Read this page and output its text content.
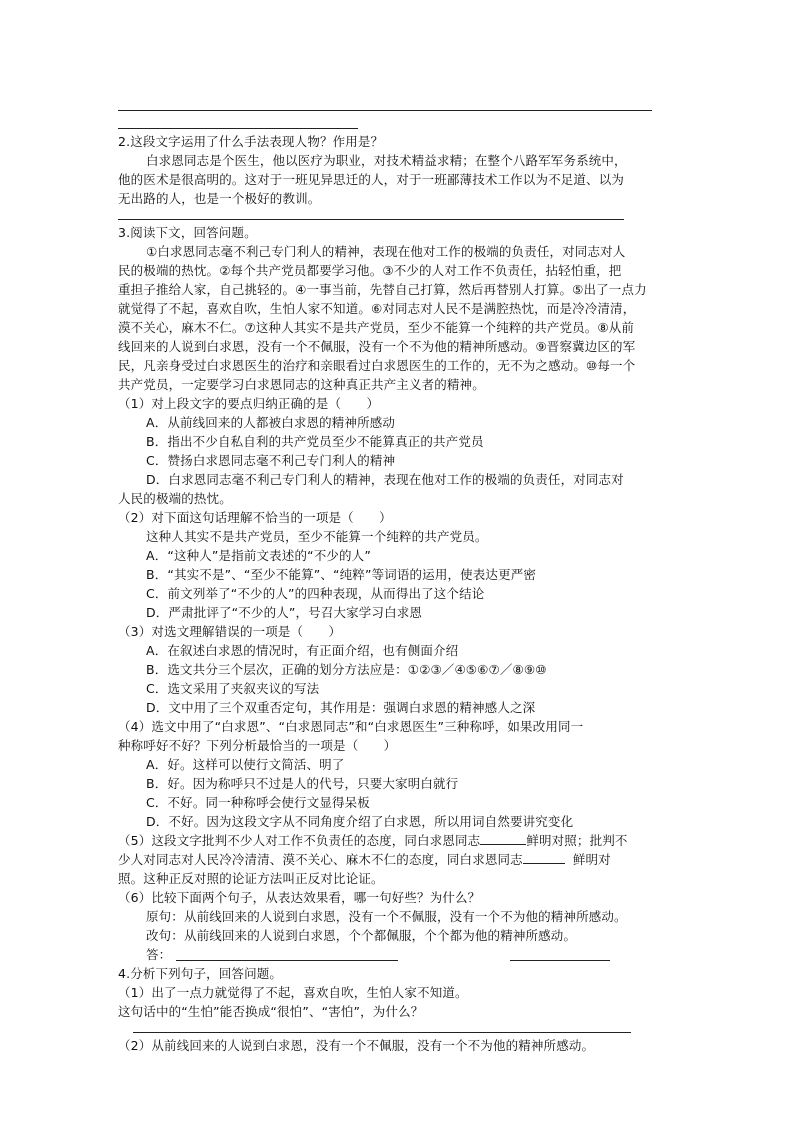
2.这段文字运用了什么手法表现人物？作用是？
白求恩同志是个医生，他以医疗为职业，对技术精益求精；在整个八路军军务系统中，
他的医术是很高明的。这对于一班见异思迁的人，对于一班鄙薄技术工作以为不足道、以为
无出路的人，也是一个极好的教训。
3.阅读下文，回答问题。
①白求恩同志毫不利己专门利人的精神，表现在他对工作的极端的负责任，对同志对人
民的极端的热忱。②每个共产党员都要学习他。③不少的人对工作不负责任，拈轻怕重，把
重担子推给人家，自己挑轻的。④一事当前，先替自己打算，然后再替别人打算。⑤出了一点力
就觉得了不起，喜欢自吹，生怕人家不知道。⑥对同志对人民不是满腔热忱，而是冷冷清清，
漠不关心，麻木不仁。⑦这种人其实不是共产党员，至少不能算一个纯粹的共产党员。⑧从前
线回来的人说到白求恩，没有一个不佩服，没有一个不为他的精神所感动。⑨晋察冀边区的军
民，凡亲身受过白求恩医生的治疗和亲眼看过白求恩医生的工作的，无不为之感动。⑩每一个
共产党员，一定要学习白求恩同志的这种真正共产主义者的精神。
（1）对上段文字的要点归纳正确的是（　　）
A．从前线回来的人都被白求恩的精神所感动
B．指出不少自私自利的共产党员至少不能算真正的共产党员
C．赞扬白求恩同志毫不利己专门利人的精神
D．白求恩同志毫不利己专门利人的精神，表现在他对工作的极端的负责任，对同志对
人民的极端的热忱。
（2）对下面这句话理解不恰当的一项是（　　）
这种人其实不是共产党员，至少不能算一个纯粹的共产党员。
A．“这种人”是指前文表述的“不少的人”
B．“其实不是”、“至少不能算”、“纯粹”等词语的运用，使表达更严密
C．前文列举了“不少的人”的四种表现，从而得出了这个结论
D．严肃批评了“不少的人”，号召大家学习白求恩
（3）对选文理解错误的一项是（　　）
A．在叙述白求恩的情况时，有正面介绍，也有侧面介绍
B．选文共分三个层次，正确的划分方法应是：①②③／④⑤⑥⑦／⑧⑨⑩
C．选文采用了夹叙夹议的写法
D．文中用了三个双重否定句，其作用是：强调白求恩的精神感人之深
（4）选文中用了“白求恩”、“白求恩同志”和“白求恩医生”三种称呼，如果改用同一
种称呼好不好？下列分析最恰当的一项是（　　）
A．好。这样可以使行文简活、明了
B．好。因为称呼只不过是人的代号，只要大家明白就行
C．不好。同一种称呼会使行文显得呆板
D．不好。因为这段文字从不同角度介绍了白求恩，所以用词自然要讲究变化
（5）这段文字批判不少人对工作不负责任的态度，同白求恩同志	鲜明对照；批判不
少人对同志对人民冷冷清清、漠不关心、麻木不仁的态度，同白求恩同志	鲜明对
照。这种正反对照的论证方法叫正反对比论证。
（6）比较下面两个句子，从表达效果看，哪一句好些？为什么？
原句：从前线回来的人说到白求恩，没有一个不佩服，没有一个不为他的精神所感动。
改句：从前线回来的人说到白求恩，个个都佩服，个个都为他的精神所感动。
答：
4.分析下列句子，回答问题。
（1）出了一点力就觉得了不起，喜欢自吹，生怕人家不知道。
这句话中的“生怕”能否换成“很怕”、“害怕”，为什么？
（2）从前线回来的人说到白求恩，没有一个不佩服，没有一个不为他的精神所感动。
